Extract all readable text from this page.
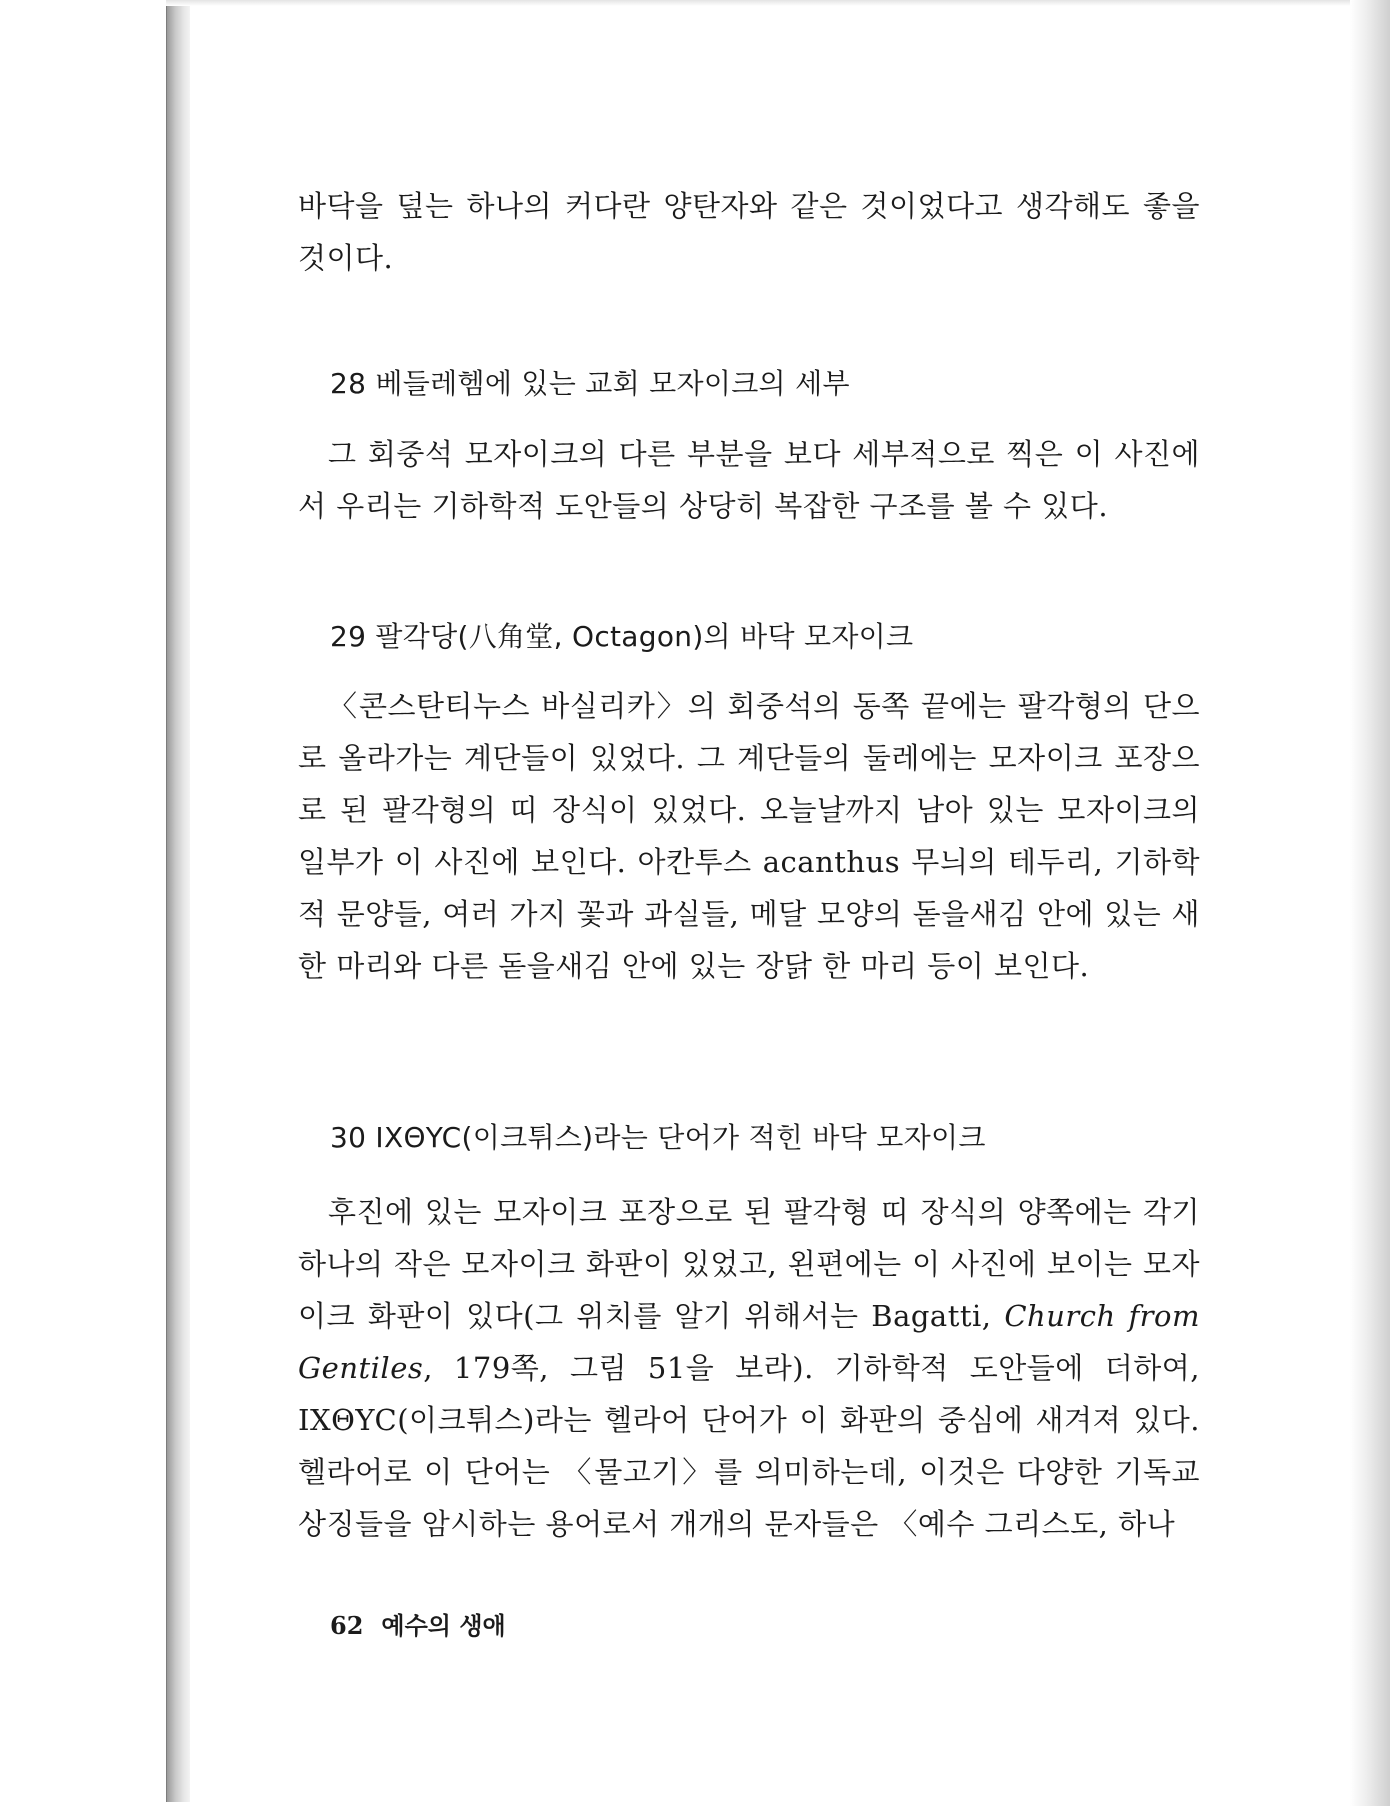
바닥을 덮는 하나의 커다란 양탄자와 같은 것이었다고 생각해도 좋을 것이다.

28 베들레헴에 있는 교회 모자이크의 세부

그 회중석 모자이크의 다른 부분을 보다 세부적으로 찍은 이 사진에서 우리는 기하학적 도안들의 상당히 복잡한 구조를 볼 수 있다.

29 팔각당(八角堂, Octagon)의 바닥 모자이크

〈콘스탄티누스 바실리카〉의 회중석의 동쪽 끝에는 팔각형의 단으로 올라가는 계단들이 있었다. 그 계단들의 둘레에는 모자이크 포장으로 된 팔각형의 띠 장식이 있었다. 오늘날까지 남아 있는 모자이크의 일부가 이 사진에 보인다. 아칸투스 acanthus 무늬의 테두리, 기하학적 문양들, 여러 가지 꽃과 과실들, 메달 모양의 돋을새김 안에 있는 새 한 마리와 다른 돋을새김 안에 있는 장닭 한 마리 등이 보인다.

30 IXΘYC(이크튀스)라는 단어가 적힌 바닥 모자이크

후진에 있는 모자이크 포장으로 된 팔각형 띠 장식의 양쪽에는 각기 하나의 작은 모자이크 화판이 있었고, 왼편에는 이 사진에 보이는 모자이크 화판이 있다(그 위치를 알기 위해서는 Bagatti, Church from Gentiles, 179쪽, 그림 51을 보라). 기하학적 도안들에 더하여, IXΘYC(이크튀스)라는 헬라어 단어가 이 화판의 중심에 새겨져 있다. 헬라어로 이 단어는 〈물고기〉를 의미하는데, 이것은 다양한 기독교 상징들을 암시하는 용어로서 개개의 문자들은 〈예수 그리스도, 하나

62 예수의 생애
